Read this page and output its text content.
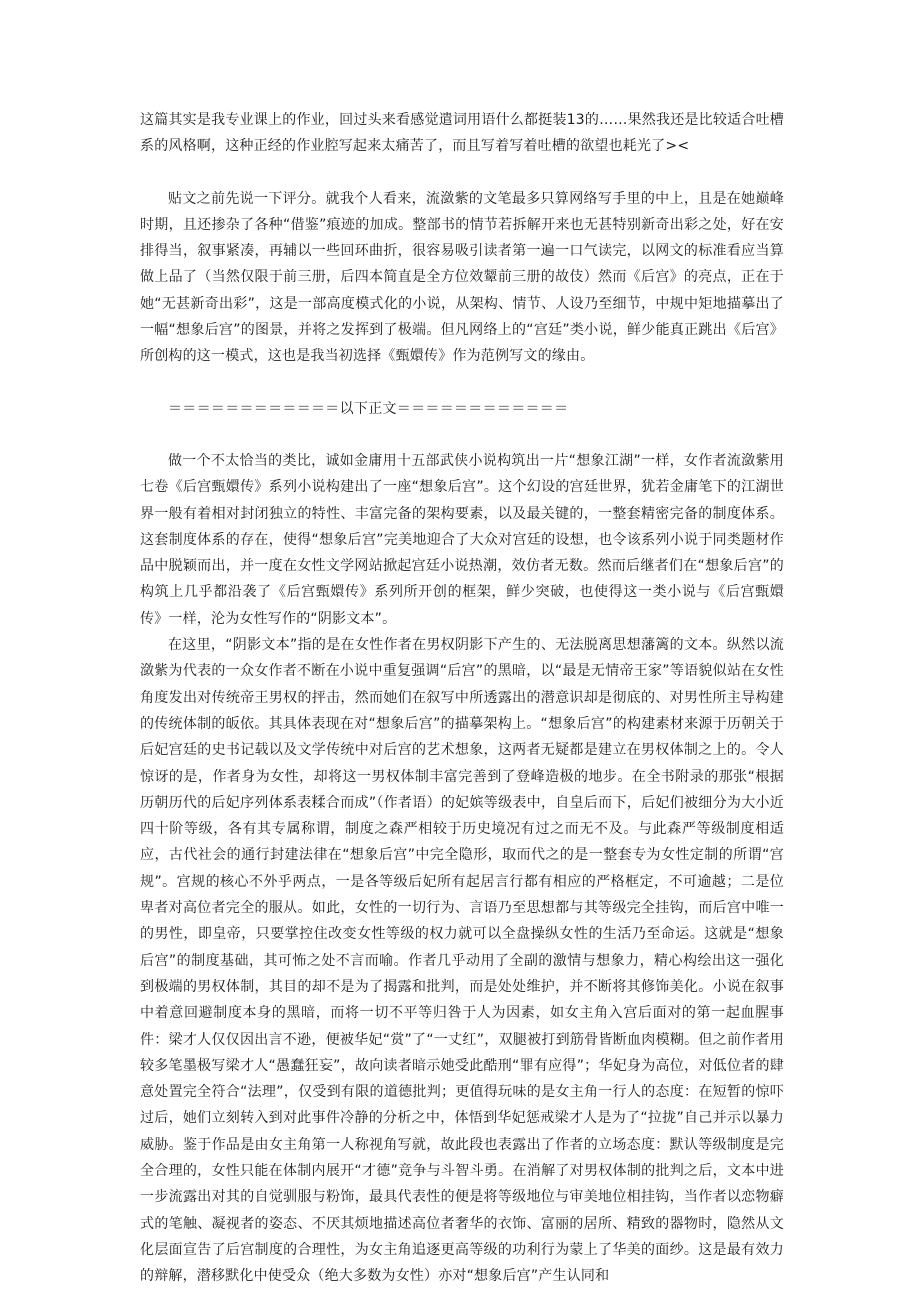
这篇其实是我专业课上的作业，回过头来看感觉遣词用语什么都挺装13的……果然我还是比较适合吐槽系的风格啊，这种正经的作业腔写起来太痛苦了，而且写着写着吐槽的欲望也耗光了><

贴文之前先说一下评分。就我个人看来，流潋紫的文笔最多只算网络写手里的中上，且是在她巅峰时期，且还掺杂了各种“借鉴”痕迹的加成。整部书的情节若拆解开来也无甚特别新奇出彩之处，好在安排得当，叙事紧凑，再辅以一些回环曲折，很容易吸引读者第一遍一口气读完，以网文的标准看应当算做上品了（当然仅限于前三册，后四本简直是全方位效颦前三册的故伎）然而《后宫》的亮点，正在于她“无甚新奇出彩”，这是一部高度模式化的小说，从架构、情节、人设乃至细节，中规中矩地描摹出了一幅“想象后宫”的图景，并将之发挥到了极端。但凡网络上的“宫廷”类小说，鲜少能真正跳出《后宫》所创构的这一模式，这也是我当初选择《甄嬛传》作为范例写文的缘由。

＝＝＝＝＝＝＝＝＝＝＝＝以下正文＝＝＝＝＝＝＝＝＝＝＝＝

做一个不太恰当的类比，诚如金庸用十五部武侠小说构筑出一片“想象江湖”一样，女作者流潋紫用七卷《后宫甄嬛传》系列小说构建出了一座“想象后宫”。这个幻设的宫廷世界，犹若金庸笔下的江湖世界一般有着相对封闭独立的特性、丰富完备的架构要素，以及最关键的，一整套精密完备的制度体系。这套制度体系的存在，使得“想象后宫”完美地迎合了大众对宫廷的设想，也令该系列小说于同类题材作品中脱颖而出，并一度在女性文学网站掀起宫廷小说热潮，效仿者无数。然而后继者们在“想象后宫”的构筑上几乎都沿袭了《后宫甄嬛传》系列所开创的框架，鲜少突破，也使得这一类小说与《后宫甄嬛传》一样，沦为女性写作的“阴影文本”。

在这里，“阴影文本”指的是在女性作者在男权阴影下产生的、无法脱离思想藩篱的文本。纵然以流潋紫为代表的一众女作者不断在小说中重复强调“后宫”的黑暗，以“最是无情帝王家”等语貌似站在女性角度发出对传统帝王男权的抨击，然而她们在叙写中所透露出的潜意识却是彻底的、对男性所主导构建的传统体制的皈依。其具体表现在对“想象后宫”的描摹架构上。“想象后宫”的构建素材来源于历朝关于后妃宫廷的史书记载以及文学传统中对后宫的艺术想象，这两者无疑都是建立在男权体制之上的。令人惊讶的是，作者身为女性，却将这一男权体制丰富完善到了登峰造极的地步。在全书附录的那张“根据历朝历代的后妃序列体系表糅合而成”（作者语）的妃嫔等级表中，自皇后而下，后妃们被细分为大小近四十阶等级，各有其专属称谓，制度之森严相较于历史境况有过之而无不及。与此森严等级制度相适应，古代社会的通行封建法律在“想象后宫”中完全隐形，取而代之的是一整套专为女性定制的所谓“宫规”。宫规的核心不外乎两点，一是各等级后妃所有起居言行都有相应的严格框定，不可逾越；二是位卑者对高位者完全的服从。如此，女性的一切行为、言语乃至思想都与其等级完全挂钩，而后宫中唯一的男性，即皇帝，只要掌控住改变女性等级的权力就可以全盘操纵女性的生活乃至命运。这就是“想象后宫”的制度基础，其可怖之处不言而喻。作者几乎动用了全副的激情与想象力，精心构绘出这一强化到极端的男权体制，其目的却不是为了揭露和批判，而是处处维护，并不断将其修饰美化。小说在叙事中着意回避制度本身的黑暗，而将一切不平等归咎于人为因素，如女主角入宫后面对的第一起血腥事件：梁才人仅仅因出言不逊，便被华妃“赏”了“一丈红”，双腿被打到筋骨皆断血肉模糊。但之前作者用较多笔墨极写梁才人“愚蠢狂妄”，故向读者暗示她受此酷刑“罪有应得”；华妃身为高位，对低位者的肆意处置完全符合“法理”，仅受到有限的道德批判；更值得玩味的是女主角一行人的态度：在短暂的惊吓过后，她们立刻转入到对此事件冷静的分析之中，体悟到华妃惩戒梁才人是为了“拉拢”自己并示以暴力威胁。鉴于作品是由女主角第一人称视角写就，故此段也表露出了作者的立场态度：默认等级制度是完全合理的，女性只能在体制内展开“才德”竞争与斗智斗勇。在消解了对男权体制的批判之后，文本中进一步流露出对其的自觉驯服与粉饰，最具代表性的便是将等级地位与审美地位相挂钩，当作者以恋物癖式的笔触、凝视者的姿态、不厌其烦地描述高位者奢华的衣饰、富丽的居所、精致的器物时，隐然从文化层面宣告了后宫制度的合理性，为女主角追逐更高等级的功利行为蒙上了华美的面纱。这是最有效力的辩解，潜移默化中使受众（绝大多数为女性）亦对“想象后宫”产生认同和
